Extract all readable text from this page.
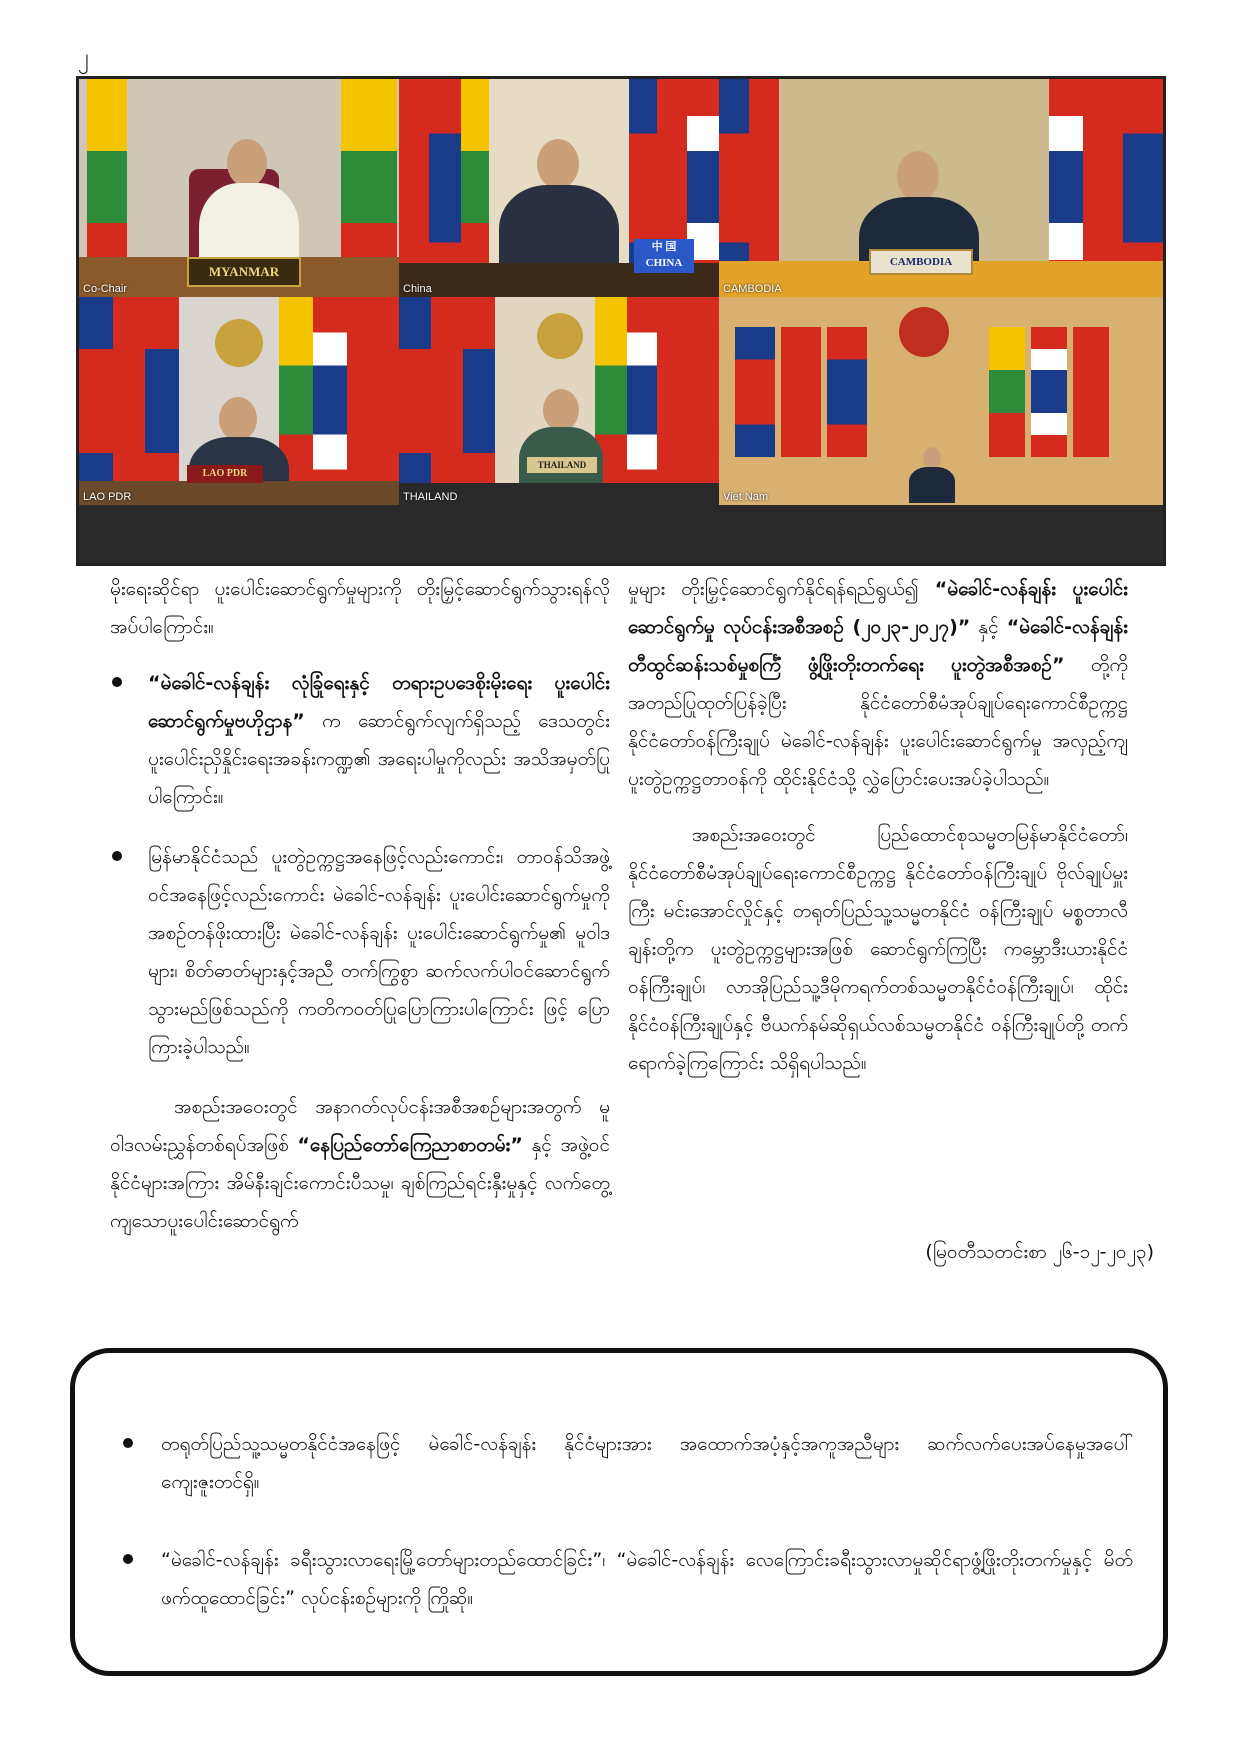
၂
MYANMAR
Co-Chair
中 国
CHINA
China
CAMBODIA
CAMBODIA
LAO PDR
LAO PDR
THAILAND
THAILAND	Viet Nam

မိုးရေးဆိုင်ရာ ပူးပေါင်းဆောင်ရွက်မှုများကို တိုးမြှင့်ဆောင်ရွက်သွားရန်လိုအပ်ပါကြောင်း။

“မဲခေါင်-လန်ချန်း လုံခြုံရေးနှင့် တရားဥပဒေစိုးမိုးရေး ပူးပေါင်းဆောင်ရွက်မှုဗဟိုဌာန” က ဆောင်ရွက်လျက်ရှိသည့် ဒေသတွင်းပူးပေါင်းညှိနှိုင်းရေးအခန်းကဏ္ဍ၏ အရေးပါမှုကိုလည်း အသိအမှတ်ပြုပါကြောင်း။
မြန်မာနိုင်ငံသည် ပူးတွဲဥက္ကဋ္ဌအနေဖြင့်လည်းကောင်း၊ တာဝန်သိအဖွဲ့ဝင်အနေဖြင့်လည်းကောင်း မဲခေါင်-လန်ချန်း ပူးပေါင်းဆောင်ရွက်မှုကို အစဉ်တန်ဖိုးထားပြီး မဲခေါင်-လန်ချန်း ပူးပေါင်းဆောင်ရွက်မှု၏ မူဝါဒများ၊ စိတ်ဓာတ်များနှင့်အညီ တက်ကြွစွာ ဆက်လက်ပါဝင်ဆောင်ရွက်သွားမည်ဖြစ်သည်ကို ကတိကဝတ်ပြုပြောကြားပါကြောင်း ဖြင့် ပြောကြားခဲ့ပါသည်။

အစည်းအဝေးတွင် အနာဂတ်လုပ်ငန်းအစီအစဉ်များအတွက် မူဝါဒလမ်းညွှန်တစ်ရပ်အဖြစ် “နေပြည်တော်ကြေညာစာတမ်း” နှင့် အဖွဲ့ဝင်နိုင်ငံများအကြား အိမ်နီးချင်းကောင်းပီသမှု၊ ချစ်ကြည်ရင်းနှီးမှုနှင့် လက်တွေ့ကျသောပူးပေါင်းဆောင်ရွက်

မှုများ တိုးမြှင့်ဆောင်ရွက်နိုင်ရန်ရည်ရွယ်၍ “မဲခေါင်-လန်ချန်း ပူးပေါင်းဆောင်ရွက်မှု လုပ်ငန်းအစီအစဉ် (၂၀၂၃-၂၀၂၇)” နှင့် “မဲခေါင်-လန်ချန်း တီထွင်ဆန်းသစ်မှုစင်္ကြံ ဖွံ့ဖြိုးတိုးတက်ရေး ပူးတွဲအစီအစဉ်” တို့ကို အတည်ပြုထုတ်ပြန်ခဲ့ပြီး နိုင်ငံတော်စီမံအုပ်ချုပ်ရေးကောင်စီဥက္ကဋ္ဌ နိုင်ငံတော်ဝန်ကြီးချုပ် မဲခေါင်-လန်ချန်း ပူးပေါင်းဆောင်ရွက်မှု အလှည့်ကျပူးတွဲဥက္ကဋ္ဌတာဝန်ကို ထိုင်းနိုင်ငံသို့ လွှဲပြောင်းပေးအပ်ခဲ့ပါသည်။

အစည်းအဝေးတွင် ပြည်ထောင်စုသမ္မတမြန်မာနိုင်ငံတော်၊ နိုင်ငံတော်စီမံအုပ်ချုပ်ရေးကောင်စီဥက္ကဋ္ဌ နိုင်ငံတော်ဝန်ကြီးချုပ် ဗိုလ်ချုပ်မှူးကြီး မင်းအောင်လှိုင်နှင့် တရုတ်ပြည်သူ့သမ္မတနိုင်ငံ ဝန်ကြီးချုပ် မစ္စတာလီချန်းတို့က ပူးတွဲဥက္ကဋ္ဌများအဖြစ် ဆောင်ရွက်ကြပြီး ကမ္ဘောဒီးယားနိုင်ငံဝန်ကြီးချုပ်၊ လာအိုပြည်သူ့ဒီမိုကရက်တစ်သမ္မတနိုင်ငံဝန်ကြီးချုပ်၊ ထိုင်းနိုင်ငံဝန်ကြီးချုပ်နှင့် ဗီယက်နမ်ဆိုရှယ်လစ်သမ္မတနိုင်ငံ ဝန်ကြီးချုပ်တို့ တက်ရောက်ခဲ့ကြကြောင်း သိရှိရပါသည်။

(မြဝတီသတင်းစာ ၂၆-၁၂-၂၀၂၃)
တရုတ်ပြည်သူ့သမ္မတနိုင်ငံအနေဖြင့် မဲခေါင်-လန်ချန်း နိုင်ငံများအား အထောက်အပံ့နှင့်အကူအညီများ ဆက်လက်ပေးအပ်နေမှုအပေါ် ကျေးဇူးတင်ရှိ။
“မဲခေါင်-လန်ချန်း ခရီးသွားလာရေးမြို့တော်များတည်ထောင်ခြင်း”၊ “မဲခေါင်-လန်ချန်း လေကြောင်းခရီးသွားလာမှုဆိုင်ရာဖွံ့ဖြိုးတိုးတက်မှုနှင့် မိတ်ဖက်ထူထောင်ခြင်း” လုပ်ငန်းစဉ်များကို ကြိုဆို။
